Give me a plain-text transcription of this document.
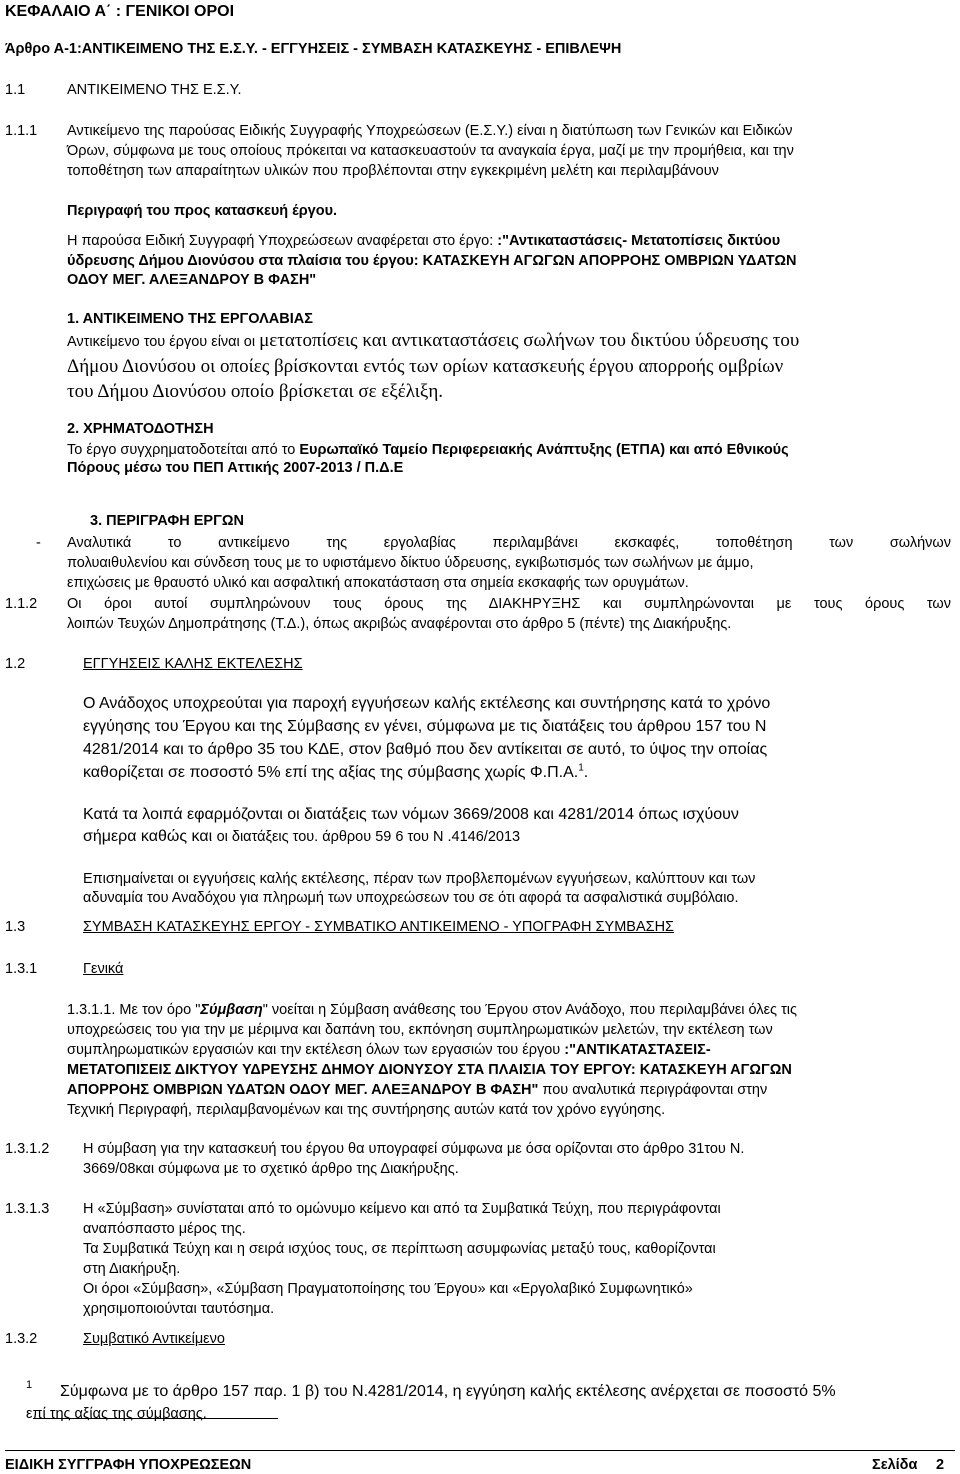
ΚΕΦΑΛΑΙΟ Α΄ : ΓΕΝΙΚΟΙ ΟΡΟΙ
Άρθρο Α-1:ΑΝΤΙΚΕΙΜΕΝΟ ΤΗΣ Ε.Σ.Υ. - ΕΓΓΥΗΣΕΙΣ - ΣΥΜΒΑΣΗ ΚΑΤΑΣΚΕΥΗΣ - ΕΠΙΒΛΕΨΗ
1.1	ΑΝΤΙΚΕΙΜΕΝΟ ΤΗΣ Ε.Σ.Υ.
1.1.1 Αντικείμενο της παρούσας Ειδικής Συγγραφής Υποχρεώσεων (Ε.Σ.Υ.) είναι η διατύπωση των Γενικών και Ειδικών
Όρων, σύμφωνα με τους οποίους πρόκειται να κατασκευαστούν τα αναγκαία έργα, μαζί με την προμήθεια, και την
τοποθέτηση των απαραίτητων υλικών που προβλέπονται στην εγκεκριμένη μελέτη και περιλαμβάνουν
Περιγραφή του προς κατασκευή έργου.
Η παρούσα Ειδική Συγγραφή Υποχρεώσεων αναφέρεται στο έργο: :"Αντικαταστάσεις- Μετατοπίσεις δικτύου
ύδρευσης Δήμου Διονύσου στα πλαίσια του έργου: ΚΑΤΑΣΚΕΥΗ ΑΓΩΓΩΝ ΑΠΟΡΡΟΗΣ ΟΜΒΡΙΩΝ ΥΔΑΤΩΝ
ΟΔΟΥ ΜΕΓ. ΑΛΕΞΑΝΔΡΟΥ Β ΦΑΣΗ"
1. ΑΝΤΙΚΕΙΜΕΝΟ ΤΗΣ ΕΡΓΟΛΑΒΙΑΣ
Αντικείμενο του έργου είναι οι μετατοπίσεις και αντικαταστάσεις σωλήνων του δικτύου ύδρευσης του
Δήμου Διονύσου οι οποίες βρίσκονται εντός των ορίων κατασκευής έργου απορροής ομβρίων
του Δήμου Διονύσου οποίο βρίσκεται σε εξέλιξη.
2. ΧΡΗΜΑΤΟΔΟΤΗΣΗ
Το έργο συγχρηματοδοτείται από το Ευρωπαϊκό Ταμείο Περιφερειακής Ανάπτυξης (ΕΤΠΑ) και από Εθνικούς
Πόρους μέσω του ΠΕΠ Αττικής 2007-2013 / Π.Δ.Ε
3. ΠΕΡΙΓΡΑΦΗ ΕΡΓΩΝ
- Αναλυτικά το αντικείμενο της εργολαβίας περιλαμβάνει εκσκαφές, τοποθέτηση των σωλήνων
πολυαιθυλενίου και σύνδεση τους με το υφιστάμενο δίκτυο ύδρευσης, εγκιβωτισμός των σωλήνων με άμμο,
επιχώσεις με θραυστό υλικό και ασφαλτική αποκατάσταση στα σημεία εκσκαφής των ορυγμάτων.
1.1.2 Οι όροι αυτοί συμπληρώνουν τους όρους της ΔΙΑΚΗΡΥΞΗΣ και συμπληρώνονται με τους όρους των
λοιπών Τευχών Δημοπράτησης (Τ.Δ.), όπως ακριβώς αναφέρονται στο άρθρο 5 (πέντε) της Διακήρυξης.
1.2	ΕΓΓΥΗΣΕΙΣ ΚΑΛΗΣ ΕΚΤΕΛΕΣΗΣ
Ο Ανάδοχος υποχρεούται για παροχή εγγυήσεων καλής εκτέλεσης και συντήρησης κατά το χρόνο
εγγύησης του Έργου και της Σύμβασης εν γένει, σύμφωνα με τις διατάξεις του άρθρου 157 του Ν
4281/2014 και το άρθρο 35 του ΚΔΕ, στον βαθμό που δεν αντίκειται σε αυτό, το ύψος την οποίας
καθορίζεται σε ποσοστό 5% επί της αξίας της σύμβασης χωρίς Φ.Π.Α.$^1$.
Κατά τα λοιπά εφαρμόζονται οι διατάξεις των νόμων 3669/2008 και 4281/2014 όπως ισχύουν
σήμερα καθώς και οι διατάξεις του. άρθρου 59 6 του Ν .4146/2013
Επισημαίνεται οι εγγυήσεις καλής εκτέλεσης, πέραν των προβλεπομένων εγγυήσεων, καλύπτουν και των
αδυναμία του Αναδόχου για πληρωμή των υποχρεώσεων του σε ότι αφορά τα ασφαλιστικά συμβόλαιο.
1.3	ΣΥΜΒΑΣΗ ΚΑΤΑΣΚΕΥΗΣ ΕΡΓΟΥ - ΣΥΜΒΑΤΙΚΟ ΑΝΤΙΚΕΙΜΕΝΟ - ΥΠΟΓΡΑΦΗ ΣΥΜΒΑΣΗΣ
1.3.1	Γενικά
1.3.1.1. Με τον όρο "Σύμβαση" νοείται η Σύμβαση ανάθεσης του Έργου στον Ανάδοχο, που περιλαμβάνει όλες τις
υποχρεώσεις του για την με μέριμνα και δαπάνη του, εκπόνηση συμπληρωματικών μελετών, την εκτέλεση των
συμπληρωματικών εργασιών και την εκτέλεση όλων των εργασιών του έργου :"ΑΝΤΙΚΑΤΑΣΤΑΣΕΙΣ-
ΜΕΤΑΤΟΠΙΣΕΙΣ ΔΙΚΤΥΟΥ ΥΔΡΕΥΣΗΣ ΔΗΜΟΥ ΔΙΟΝΥΣΟΥ ΣΤΑ ΠΛΑΙΣΙΑ ΤΟΥ ΕΡΓΟΥ: ΚΑΤΑΣΚΕΥΗ ΑΓΩΓΩΝ
ΑΠΟΡΡΟΗΣ ΟΜΒΡΙΩΝ ΥΔΑΤΩΝ ΟΔΟΥ ΜΕΓ. ΑΛΕΞΑΝΔΡΟΥ Β ΦΑΣΗ" που αναλυτικά περιγράφονται στην
Τεχνική Περιγραφή, περιλαμβανομένων και της συντήρησης αυτών κατά τον χρόνο εγγύησης.
1.3.1.2 Η σύμβαση για την κατασκευή του έργου θα υπογραφεί σύμφωνα με όσα ορίζονται στο άρθρο 31του Ν.
3669/08και σύμφωνα με το σχετικό άρθρο της Διακήρυξης.
1.3.1.3 Η «Σύμβαση» συνίσταται από το ομώνυμο κείμενο και από τα Συμβατικά Τεύχη, που περιγράφονται
αναπόσπαστο μέρος της.
Τα Συμβατικά Τεύχη και η σειρά ισχύος τους, σε περίπτωση ασυμφωνίας μεταξύ τους, καθορίζονται
στη Διακήρυξη.
Οι όροι «Σύμβαση», «Σύμβαση Πραγματοποίησης του Έργου» και «Εργολαβικό Συμφωνητικό»
χρησιμοποιούνται ταυτόσημα.
1.3.2	Συμβατικό Αντικείμενο
1 Σύμφωνα με το άρθρο 157 παρ. 1 β) του Ν.4281/2014, η εγγύηση καλής εκτέλεσης ανέρχεται σε ποσοστό 5%
επί της αξίας της σύμβασης.
ΕΙΔΙΚΗ ΣΥΓΓΡΑΦΗ ΥΠΟΧΡΕΩΣΕΩΝ	Σελίδα 2
